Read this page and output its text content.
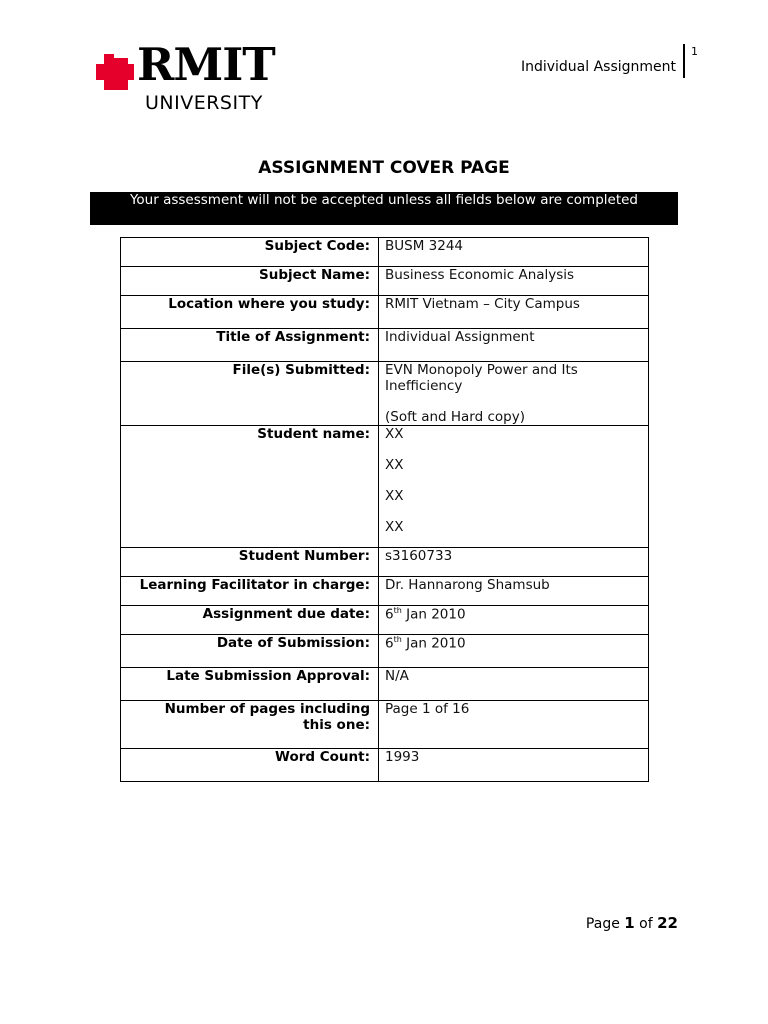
RMIT
UNIVERSITY
Individual Assignment
1
ASSIGNMENT COVER PAGE
Your assessment will not be accepted unless all fields below are completed
Subject Code:	BUSM 3244
Subject Name:	Business Economic Analysis
Location where you study:	RMIT Vietnam – City Campus
Title of Assignment:	Individual Assignment
File(s) Submitted:	EVN Monopoly Power and Its Inefficiency
(Soft and Hard copy)

Student name:	XX
XX
XX
XX

Student Number:	s3160733
Learning Facilitator in charge:	Dr. Hannarong Shamsub
Assignment due date:	6th Jan 2010
Date of Submission:	6th Jan 2010
Late Submission Approval:	N/A

Number of pages including
this one:	Page 1 of 16
Word Count:	1993
Page 1 of 22
